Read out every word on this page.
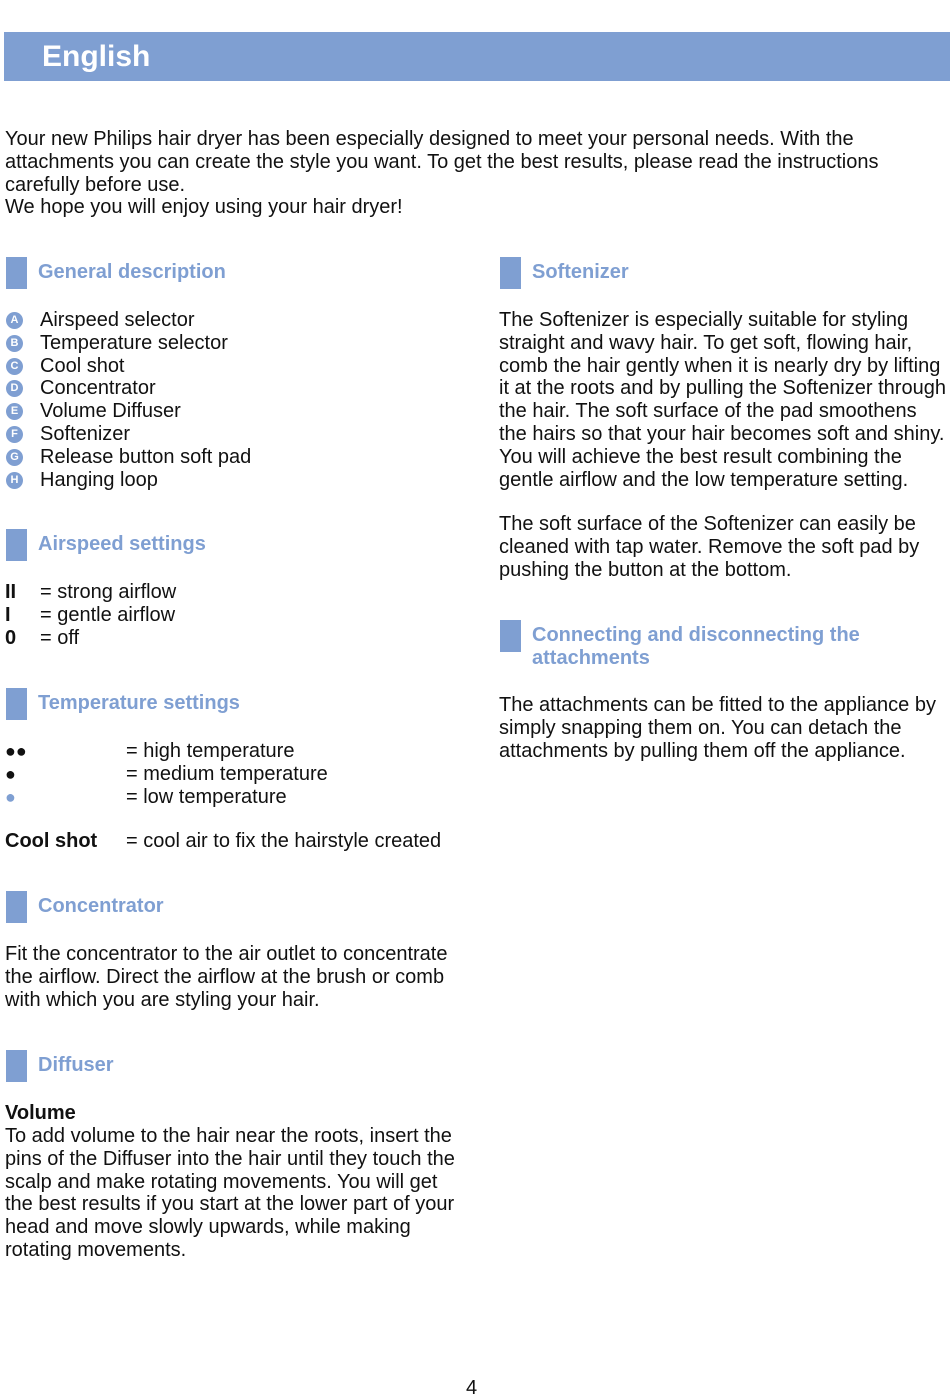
English
Your new Philips hair dryer has been especially designed to meet your personal needs. With the attachments you can create the style you want. To get the best results, please read the instructions carefully before use.
We hope you will enjoy using your hair dryer!
General description
A Airspeed selector
B Temperature selector
C Cool shot
D Concentrator
E Volume Diffuser
F Softenizer
G Release button soft pad
H Hanging loop
Airspeed settings
II = strong airflow
I = gentle airflow
0 = off
Temperature settings
●●	= high temperature
●	= medium temperature
●	= low temperature
Cool shot = cool air to fix the hairstyle created
Concentrator

Fit the concentrator to the air outlet to concentrate the airflow. Direct the airflow at the brush or comb with which you are styling your hair.

Diffuser
Volume

To add volume to the hair near the roots, insert the pins of the Diffuser into the hair until they touch the scalp and make rotating movements. You will get the best results if you start at the lower part of your head and move slowly upwards, while making rotating movements.

Softenizer

The Softenizer is especially suitable for styling straight and wavy hair. To get soft, flowing hair, comb the hair gently when it is nearly dry by lifting it at the roots and by pulling the Softenizer through the hair. The soft surface of the pad smoothens the hairs so that your hair becomes soft and shiny. You will achieve the best result combining the gentle airflow and the low temperature setting.

The soft surface of the Softenizer can easily be cleaned with tap water. Remove the soft pad by pushing the button at the bottom.

Connecting and disconnecting the
attachments

The attachments can be fitted to the appliance by simply snapping them on. You can detach the attachments by pulling them off the appliance.

4
